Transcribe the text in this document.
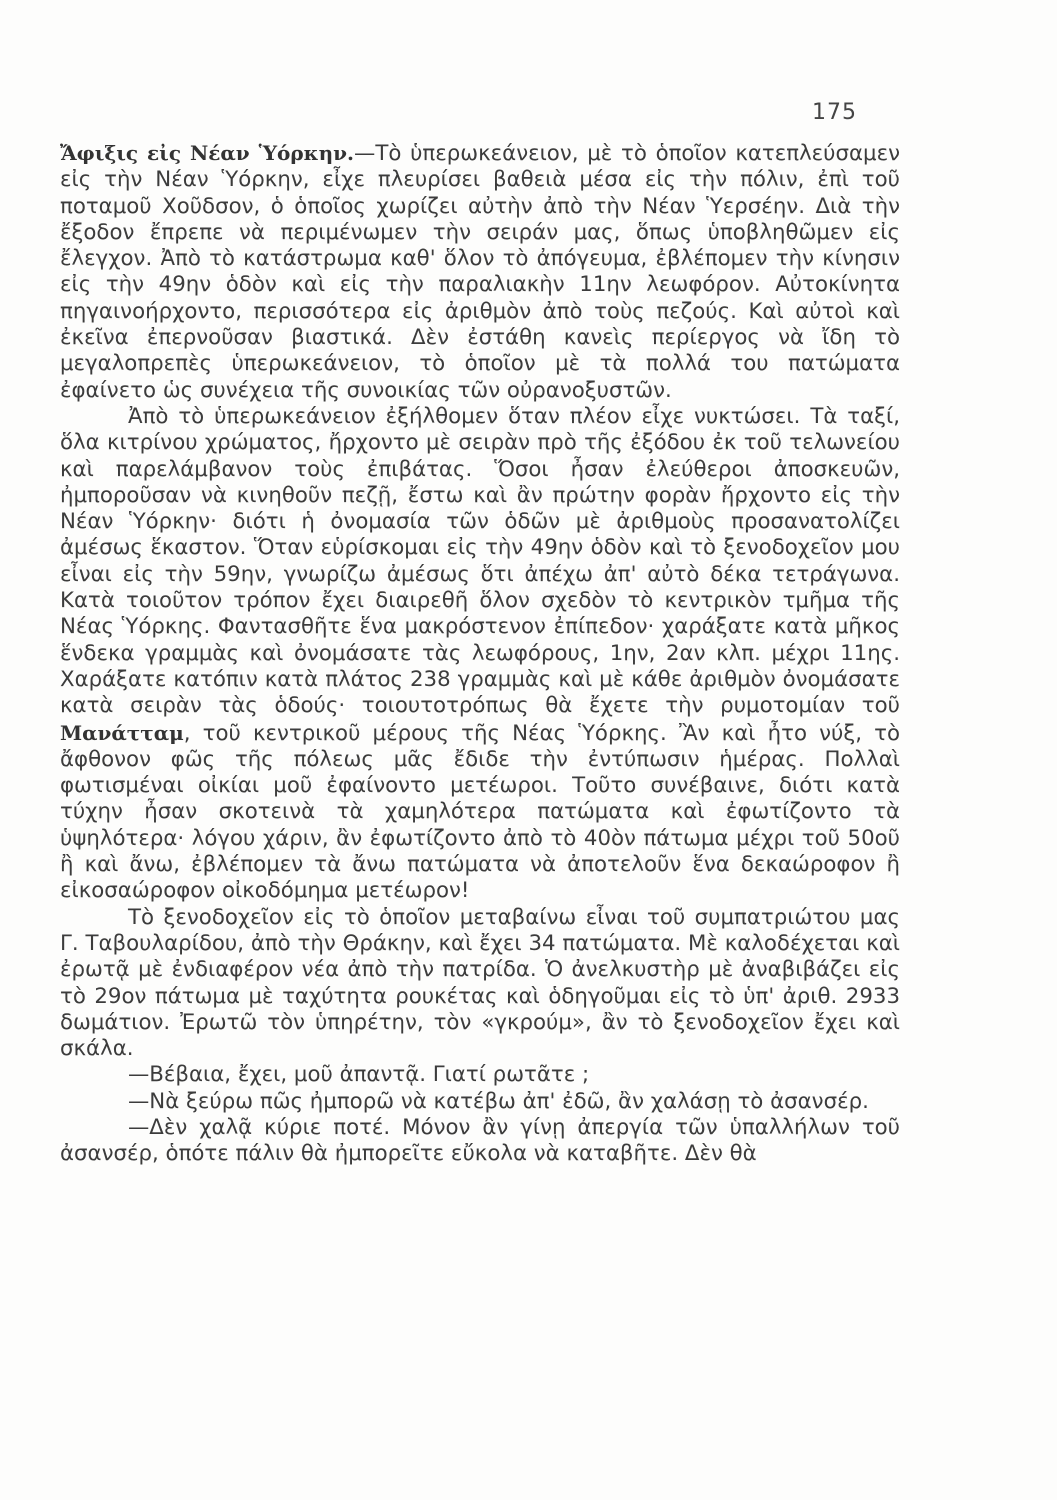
175

Ἄφιξις εἰς Νέαν Ὑόρκην.—Τὸ ὑπερωκεάνειον, μὲ τὸ ὁποῖον κατεπλεύσαμεν εἰς τὴν Νέαν Ὑόρκην, εἶχε πλευρίσει βαθειὰ μέσα εἰς τὴν πόλιν, ἐπὶ τοῦ ποταμοῦ Χοῦδσον, ὁ ὁποῖος χωρίζει αὐτὴν ἀπὸ τὴν Νέαν Ὑερσέην. Διὰ τὴν ἔξοδον ἔπρεπε νὰ περιμένωμεν τὴν σειράν μας, ὅπως ὑποβληθῶμεν εἰς ἔλεγχον. Ἀπὸ τὸ κατάστρωμα καθ' ὅλον τὸ ἀπόγευμα, ἐβλέπομεν τὴν κίνησιν εἰς τὴν 49ην ὁδὸν καὶ εἰς τὴν παραλιακὴν 11ην λεωφόρον. Αὐτοκίνητα πηγαινοήρχοντο, περισσότερα εἰς ἀριθμὸν ἀπὸ τοὺς πεζούς. Καὶ αὐτοὶ καὶ ἐκεῖνα ἐπερνοῦσαν βιαστικά. Δὲν ἐστάθη κανεὶς περίεργος νὰ ἴδη τὸ μεγαλοπρεπὲς ὑπερωκεάνειον, τὸ ὁποῖον μὲ τὰ πολλά του πατώματα ἐφαίνετο ὡς συνέχεια τῆς συνοικίας τῶν οὐρανοξυστῶν.

Ἀπὸ τὸ ὑπερωκεάνειον ἐξήλθομεν ὅταν πλέον εἶχε νυκτώσει. Τὰ ταξί, ὅλα κιτρίνου χρώματος, ἤρχοντο μὲ σειρὰν πρὸ τῆς ἐξόδου ἐκ τοῦ τελωνείου καὶ παρελάμβανον τοὺς ἐπιβάτας. Ὅσοι ἦσαν ἐλεύθεροι ἀποσκευῶν, ἠμποροῦσαν νὰ κινηθοῦν πεζῇ, ἔστω καὶ ἂν πρώτην φορὰν ἤρχοντο εἰς τὴν Νέαν Ὑόρκην· διότι ἡ ὀνομασία τῶν ὁδῶν μὲ ἀριθμοὺς προσανατολίζει ἀμέσως ἕκαστον. Ὅταν εὑρίσκομαι εἰς τὴν 49ην ὁδὸν καὶ τὸ ξενοδοχεῖον μου εἶναι εἰς τὴν 59ην, γνωρίζω ἀμέσως ὅτι ἀπέχω ἀπ' αὐτὸ δέκα τετράγωνα. Κατὰ τοιοῦτον τρόπον ἔχει διαιρεθῆ ὅλον σχεδὸν τὸ κεντρικὸν τμῆμα τῆς Νέας Ὑόρκης. Φαντασθῆτε ἕνα μακρόστενον ἐπίπεδον· χαράξατε κατὰ μῆκος ἕνδεκα γραμμὰς καὶ ὀνομάσατε τὰς λεωφόρους, 1ην, 2αν κλπ. μέχρι 11ης. Χαράξατε κατόπιν κατὰ πλάτος 238 γραμμὰς καὶ μὲ κάθε ἀριθμὸν ὀνομάσατε κατὰ σειρὰν τὰς ὁδούς· τοιουτοτρόπως θὰ ἔχετε τὴν ρυμοτομίαν τοῦ Μανάτταμ, τοῦ κεντρικοῦ μέρους τῆς Νέας Ὑόρκης. Ἂν καὶ ἦτο νύξ, τὸ ἄφθονον φῶς τῆς πόλεως μᾶς ἔδιδε τὴν ἐντύπωσιν ἡμέρας. Πολλαὶ φωτισμέναι οἰκίαι μοῦ ἐφαίνοντο μετέωροι. Τοῦτο συνέβαινε, διότι κατὰ τύχην ἦσαν σκοτεινὰ τὰ χαμηλότερα πατώματα καὶ ἐφωτίζοντο τὰ ὑψηλότερα· λόγου χάριν, ἂν ἐφωτίζοντο ἀπὸ τὸ 40ὸν πάτωμα μέχρι τοῦ 50οῦ ἢ καὶ ἄνω, ἐβλέπομεν τὰ ἄνω πατώματα νὰ ἀποτελοῦν ἕνα δεκαώροφον ἢ εἰκοσαώροφον οἰκοδόμημα μετέωρον!

Τὸ ξενοδοχεῖον εἰς τὸ ὁποῖον μεταβαίνω εἶναι τοῦ συμπατριώτου μας Γ. Ταβουλαρίδου, ἀπὸ τὴν Θράκην, καὶ ἔχει 34 πατώματα. Μὲ καλοδέχεται καὶ ἐρωτᾷ μὲ ἐνδιαφέρον νέα ἀπὸ τὴν πατρίδα. Ὁ ἀνελκυστὴρ μὲ ἀναβιβάζει εἰς τὸ 29ον πάτωμα μὲ ταχύτητα ρουκέτας καὶ ὁδηγοῦμαι εἰς τὸ ὑπ' ἀριθ. 2933 δωμάτιον. Ἐρωτῶ τὸν ὑπηρέτην, τὸν «γκρούμ», ἂν τὸ ξενοδοχεῖον ἔχει καὶ σκάλα.

—Βέβαια, ἔχει, μοῦ ἀπαντᾷ. Γιατί ρωτᾶτε ;

—Νὰ ξεύρω πῶς ἠμπορῶ νὰ κατέβω ἀπ' ἐδῶ, ἂν χαλάσῃ τὸ ἀσανσέρ.

—Δὲν χαλᾷ κύριε ποτέ. Μόνον ἂν γίνῃ ἀπεργία τῶν ὑπαλλήλων τοῦ ἀσανσέρ, ὁπότε πάλιν θὰ ἠμπορεῖτε εὔκολα νὰ καταβῆτε. Δὲν θὰ
